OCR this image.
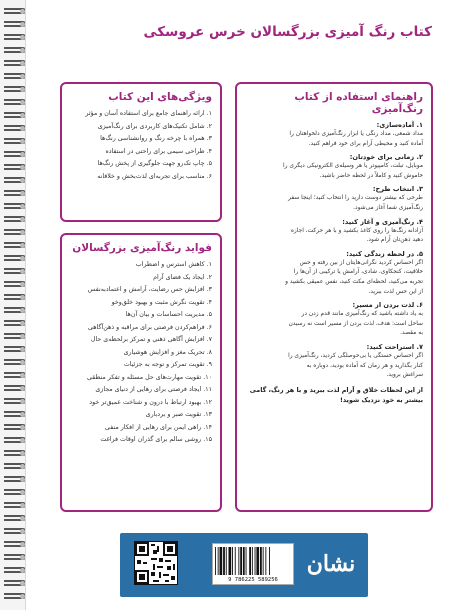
کتاب رنگ آمیزی بزرگسالان خرس عروسکی
ویژگی‌های این کتاب
۱. ارائه راهنمای جامع برای استفاده آسان و مؤثر
۲. شامل تکنیک‌های کاربردی برای رنگ‌آمیزی
۳. همراه با چرخه رنگ و روانشناسی رنگ‌ها
۴. طراحی سیمی برای راحتی در استفاده
۵. چاپ تک‌رو جهت جلوگیری از پخش رنگ‌ها
۶. مناسب برای تجربه‌ای لذت‌بخش و خلاقانه
فواید رنگ‌آمیزی بزرگسالان
۱. کاهش استرس و اضطراب
۲. ایجاد یک فضای آرام
۳. افزایش حس رضایت، آرامش و اعتمادبه‌نفس
۴. تقویت نگرش مثبت و بهبود خلق‌وخو
۵. مدیریت احساسات و بیان آن‌ها
۶. فراهم‌کردن فرصتی برای مراقبه و ذهن‌آگاهی
۷. افزایش آگاهی ذهنی و تمرکز برلحظه‌ی حال
۸. تحریک مغز و افزایش هوشیاری
۹. تقویت تمرکز و توجه به جزئیات
۱۰. تقویت مهارت‌های حل مسئله و تفکر منطقی
۱۱. ایجاد فرصتی برای رهایی از دنیای مجازی
۱۲. بهبود ارتباط با درون و شناخت عمیق‌تر خود
۱۳. تقویت صبر و بردباری
۱۴. راهی ایمن برای رهایی از افکار منفی
۱۵. روشی سالم برای گذران اوقات فراغت
راهنمای استفاده از کتاب رنگ‌آمیزی
۱. آماده‌سازی:
مداد شمعی، مداد رنگی یا ابزار رنگ‌آمیزی دلخواهتان را
آماده کنید و محیطی آرام برای خود فراهم کنید.
۲. زمانی برای خودتان:
موبایل، تبلت، کامپیوتر یا هر وسیله‌ی الکترونیکی دیگری را
خاموش کنید و کاملاً در لحظه حاضر باشید.
۳. انتخاب طرح:
طرحی که بیشتر دوست دارید را انتخاب کنید؛ اینجا سفر
رنگ‌آمیزی شما آغاز می‌شود.
۴. رنگ‌آمیزی و آغاز کنید:
آزادانه رنگ‌ها را روی کاغذ بکشید و با هر حرکت، اجازه
دهید ذهن‌تان آرام شود.
۵. در لحظه زندگی کنید:
اگر احساس کردید نگرانی‌هایتان از بین رفته و حس
خلاقیت، کنجکاوی، شادی، آرامش یا ترکیبی از آن‌ها را
تجربه می‌کنید، لحظه‌ای مکث کنید، نفس عمیقی بکشید و
از این حس لذت ببرید.
۶. لذت بردن از مسیر:
به یاد داشته باشید که رنگ‌آمیزی مانند قدم زدن در
ساحل است: هدف، لذت بردن از مسیر است نه رسیدن
به مقصد.
۷. استراحت کنید:
اگر احساس خستگی یا بی‌حوصلگی کردید، رنگ‌آمیزی را
کنار بگذارید و هر زمان که آماده بودید، دوباره به
سراغش بروید.
از این لحظات خلاق و آرام لذت ببرید و با هر رنگ، گامی
بیشتر به خود نزدیک شوید!
9 786225 589256
نشان
